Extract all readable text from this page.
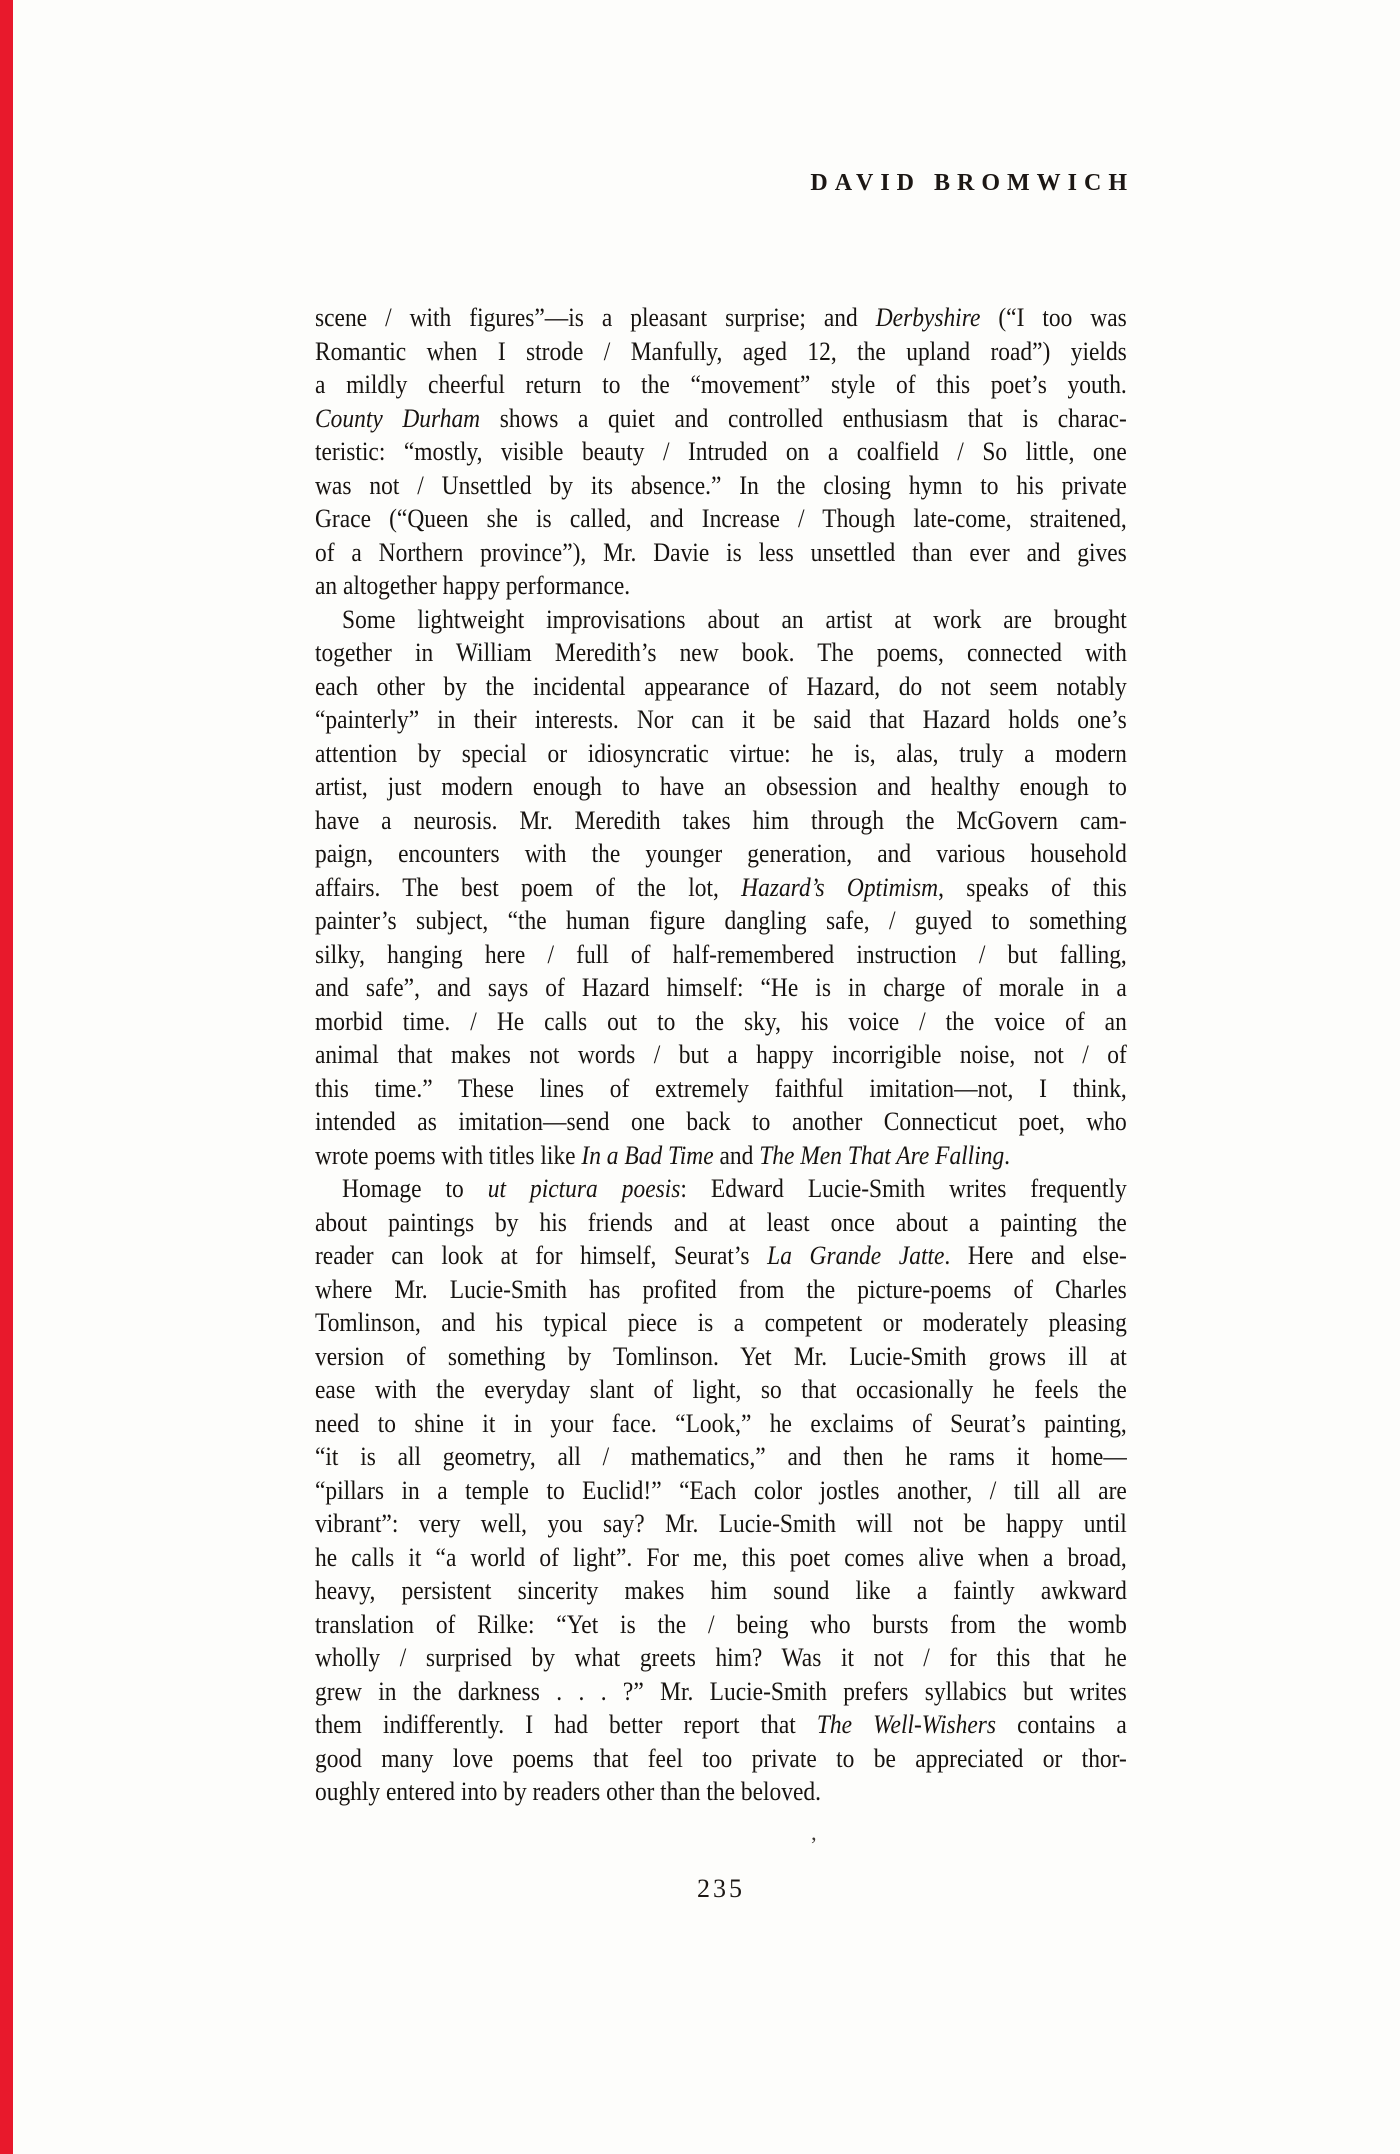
DAVID BROMWICH
scene / with figures”—is a pleasant surprise; and Derbyshire (“I too was
Romantic when I strode / Manfully, aged 12, the upland road”) yields
a mildly cheerful return to the “movement” style of this poet’s youth.
County Durham shows a quiet and controlled enthusiasm that is charac-
teristic: “mostly, visible beauty / Intruded on a coalfield / So little, one
was not / Unsettled by its absence.” In the closing hymn to his private
Grace (“Queen she is called, and Increase / Though late-come, straitened,
of a Northern province”), Mr. Davie is less unsettled than ever and gives
an altogether happy performance.
Some lightweight improvisations about an artist at work are brought
together in William Meredith’s new book. The poems, connected with
each other by the incidental appearance of Hazard, do not seem notably
“painterly” in their interests. Nor can it be said that Hazard holds one’s
attention by special or idiosyncratic virtue: he is, alas, truly a modern
artist, just modern enough to have an obsession and healthy enough to
have a neurosis. Mr. Meredith takes him through the McGovern cam-
paign, encounters with the younger generation, and various household
affairs. The best poem of the lot, Hazard’s Optimism, speaks of this
painter’s subject, “the human figure dangling safe, / guyed to something
silky, hanging here / full of half-remembered instruction / but falling,
and safe”, and says of Hazard himself: “He is in charge of morale in a
morbid time. / He calls out to the sky, his voice / the voice of an
animal that makes not words / but a happy incorrigible noise, not / of
this time.” These lines of extremely faithful imitation—not, I think,
intended as imitation—send one back to another Connecticut poet, who
wrote poems with titles like In a Bad Time and The Men That Are Falling.
Homage to ut pictura poesis: Edward Lucie-Smith writes frequently
about paintings by his friends and at least once about a painting the
reader can look at for himself, Seurat’s La Grande Jatte. Here and else-
where Mr. Lucie-Smith has profited from the picture-poems of Charles
Tomlinson, and his typical piece is a competent or moderately pleasing
version of something by Tomlinson. Yet Mr. Lucie-Smith grows ill at
ease with the everyday slant of light, so that occasionally he feels the
need to shine it in your face. “Look,” he exclaims of Seurat’s painting,
“it is all geometry, all / mathematics,” and then he rams it home—
“pillars in a temple to Euclid!” “Each color jostles another, / till all are
vibrant”: very well, you say? Mr. Lucie-Smith will not be happy until
he calls it “a world of light”. For me, this poet comes alive when a broad,
heavy, persistent sincerity makes him sound like a faintly awkward
translation of Rilke: “Yet is the / being who bursts from the womb
wholly / surprised by what greets him? Was it not / for this that he
grew in the darkness . . . ?” Mr. Lucie-Smith prefers syllabics but writes
them indifferently. I had better report that The Well-Wishers contains a
good many love poems that feel too private to be appreciated or thor-
oughly entered into by readers other than the beloved.
’
235
